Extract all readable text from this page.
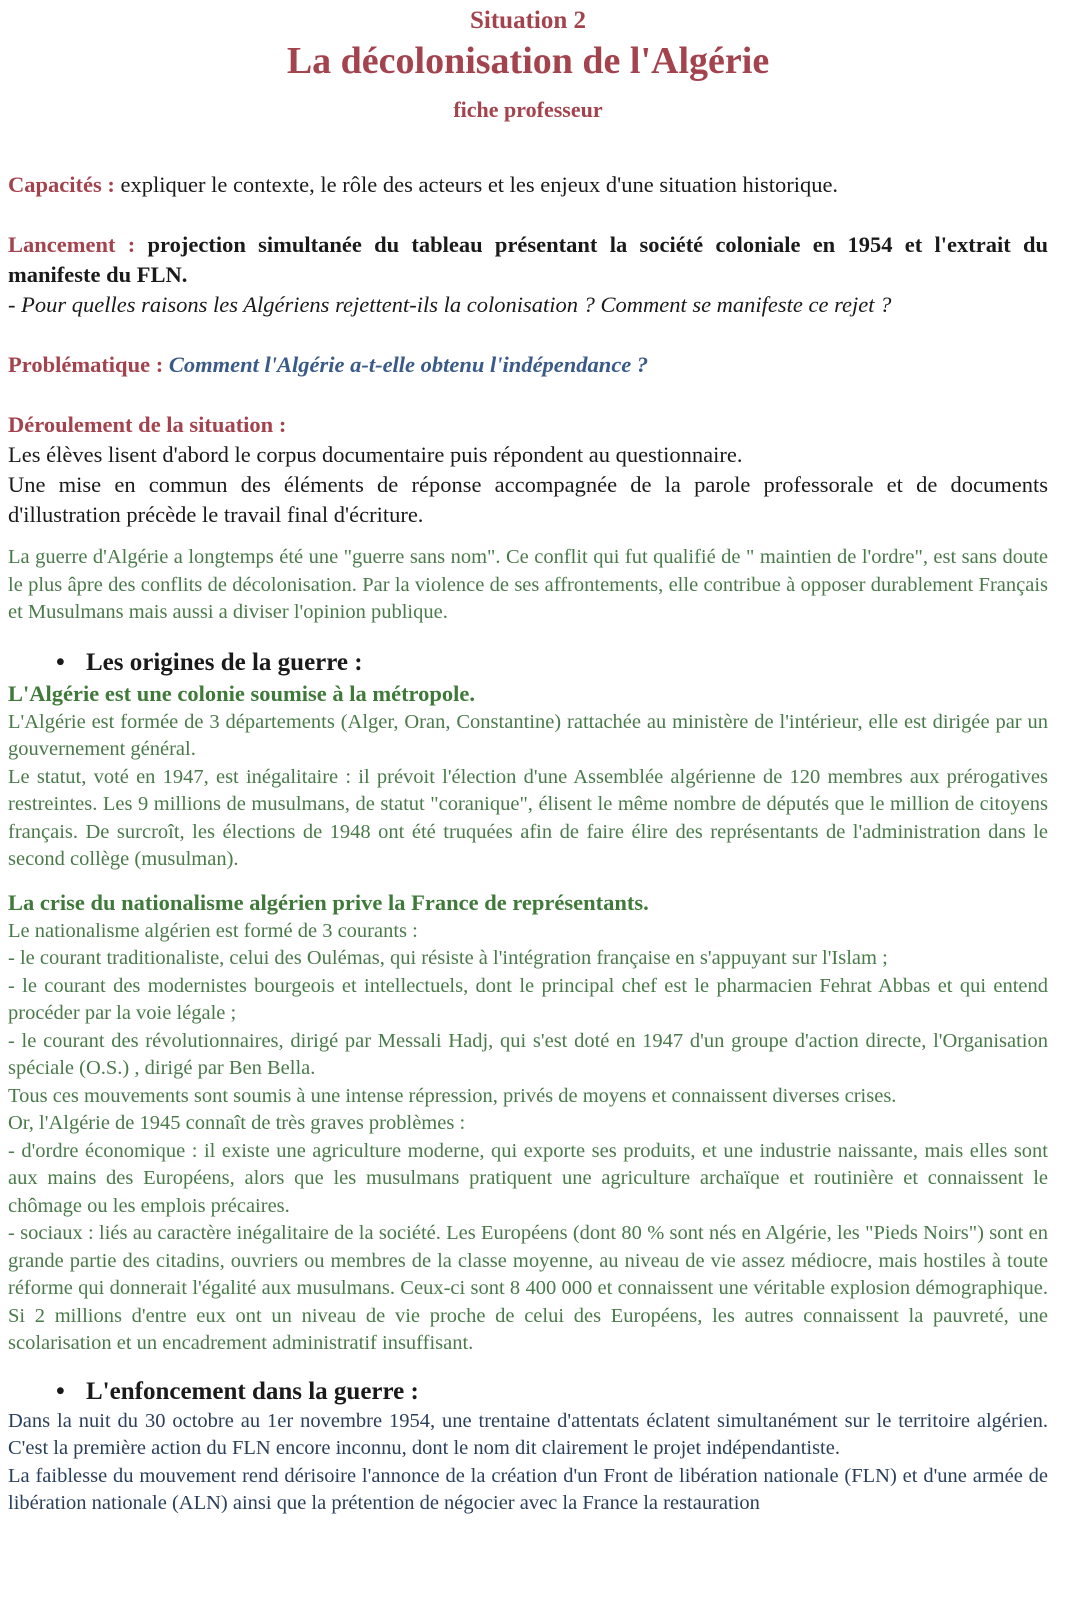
Situation 2

La décolonisation de l'Algérie

fiche professeur

Capacités : expliquer le contexte, le rôle des acteurs et les enjeux d'une situation historique.

Lancement : projection simultanée du tableau présentant la société coloniale en 1954 et l'extrait du manifeste du FLN.

- Pour quelles raisons les Algériens rejettent-ils la colonisation ? Comment se manifeste ce rejet ?

Problématique : Comment l'Algérie a-t-elle obtenu l'indépendance ?

Déroulement de la situation :

Les élèves lisent d'abord le corpus documentaire puis répondent au questionnaire.

Une mise en commun des éléments de réponse accompagnée de la parole professorale et de documents d'illustration précède le travail final d'écriture.

La guerre d'Algérie a longtemps été une "guerre sans nom". Ce conflit qui fut qualifié de " maintien de l'ordre", est sans doute le plus âpre des conflits de décolonisation. Par la violence de ses affrontements, elle contribue à opposer durablement Français et Musulmans mais aussi a diviser l'opinion publique.

• Les origines de la guerre :

L'Algérie est une colonie soumise à la métropole.

L'Algérie est formée de 3 départements (Alger, Oran, Constantine) rattachée au ministère de l'intérieur, elle est dirigée par un gouvernement général.

Le statut, voté en 1947, est inégalitaire : il prévoit l'élection d'une Assemblée algérienne de 120 membres aux prérogatives restreintes. Les 9 millions de musulmans, de statut "coranique", élisent le même nombre de députés que le million de citoyens français. De surcroît, les élections de 1948 ont été truquées afin de faire élire des représentants de l'administration dans le second collège (musulman).

La crise du nationalisme algérien prive la France de représentants.

Le nationalisme algérien est formé de 3 courants :

- le courant traditionaliste, celui des Oulémas, qui résiste à l'intégration française en s'appuyant sur l'Islam ;

- le courant des modernistes bourgeois et intellectuels, dont le principal chef est le pharmacien Fehrat Abbas et qui entend procéder par la voie légale ;

- le courant des révolutionnaires, dirigé par Messali Hadj, qui s'est doté en 1947 d'un groupe d'action directe, l'Organisation spéciale (O.S.) , dirigé par Ben Bella.

Tous ces mouvements sont soumis à une intense répression, privés de moyens et connaissent diverses crises.

Or, l'Algérie de 1945 connaît de très graves problèmes :

- d'ordre économique : il existe une agriculture moderne, qui exporte ses produits, et une industrie naissante, mais elles sont aux mains des Européens, alors que les musulmans pratiquent une agriculture archaïque et routinière et connaissent le chômage ou les emplois précaires.

- sociaux : liés au caractère inégalitaire de la société. Les Européens (dont 80 % sont nés en Algérie, les "Pieds Noirs") sont en grande partie des citadins, ouvriers ou membres de la classe moyenne, au niveau de vie assez médiocre, mais hostiles à toute réforme qui donnerait l'égalité aux musulmans. Ceux-ci sont 8 400 000 et connaissent une véritable explosion démographique. Si 2 millions d'entre eux ont un niveau de vie proche de celui des Européens, les autres connaissent la pauvreté, une scolarisation et un encadrement administratif insuffisant.

• L'enfoncement dans la guerre :

Dans la nuit du 30 octobre au 1er novembre 1954, une trentaine d'attentats éclatent simultanément sur le territoire algérien. C'est la première action du FLN encore inconnu, dont le nom dit clairement le projet indépendantiste.

La faiblesse du mouvement rend dérisoire l'annonce de la création d'un Front de libération nationale (FLN) et d'une armée de libération nationale (ALN) ainsi que la prétention de négocier avec la France la restauration
